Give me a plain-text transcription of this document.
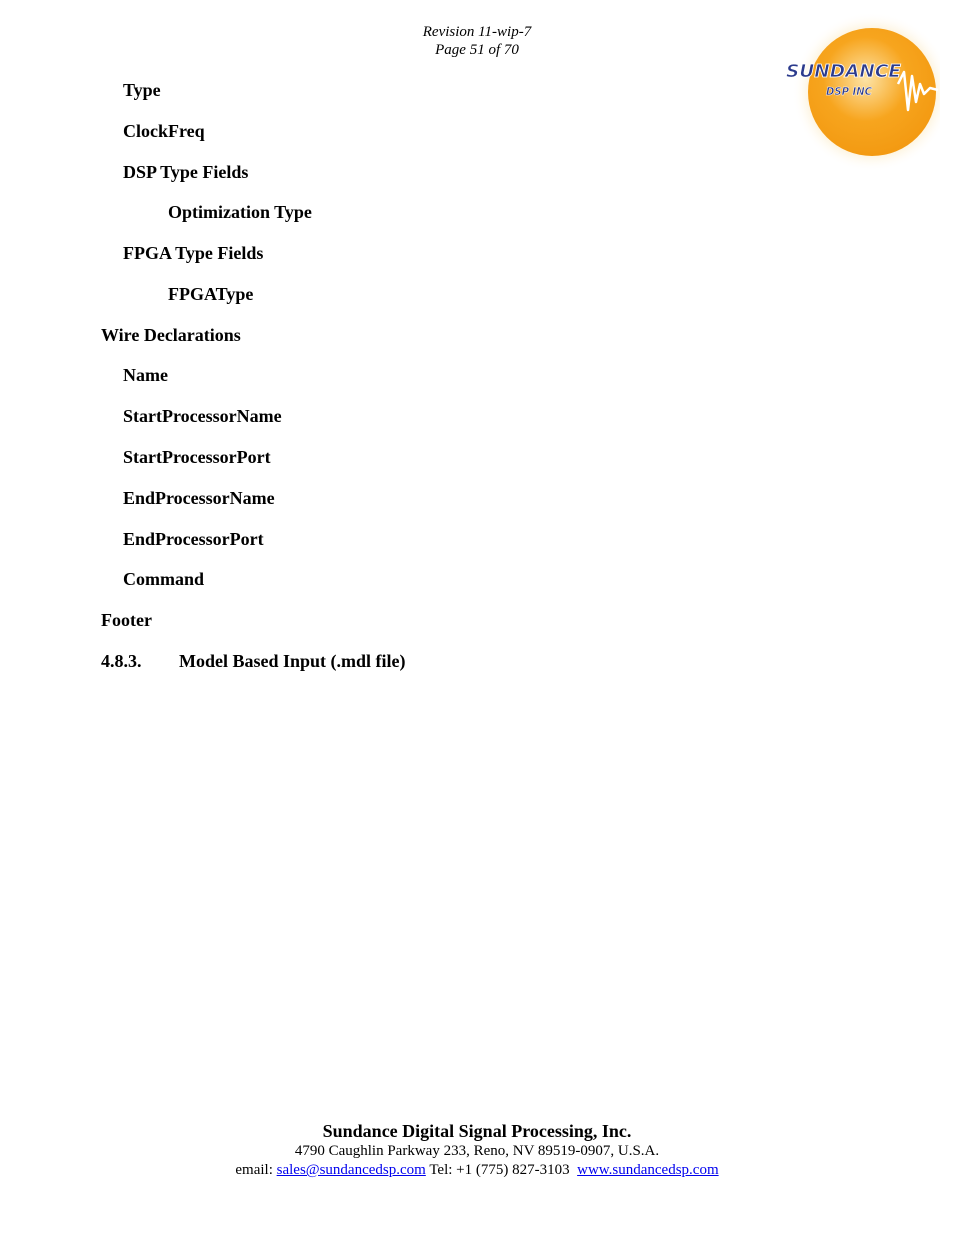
Revision 11-wip-7
Page 51 of 70
SUNDANCE
DSP INC
Type
ClockFreq
DSP Type Fields
Optimization Type
FPGA Type Fields
FPGAType
Wire Declarations
Name
StartProcessorName
StartProcessorPort
EndProcessorName
EndProcessorPort
Command
Footer
4.8.3. Model Based Input (.mdl file)
Sundance Digital Signal Processing, Inc.
4790 Caughlin Parkway 233, Reno, NV 89519-0907, U.S.A.
email: sales@sundancedsp.com Tel: +1 (775) 827-3103 www.sundancedsp.com
